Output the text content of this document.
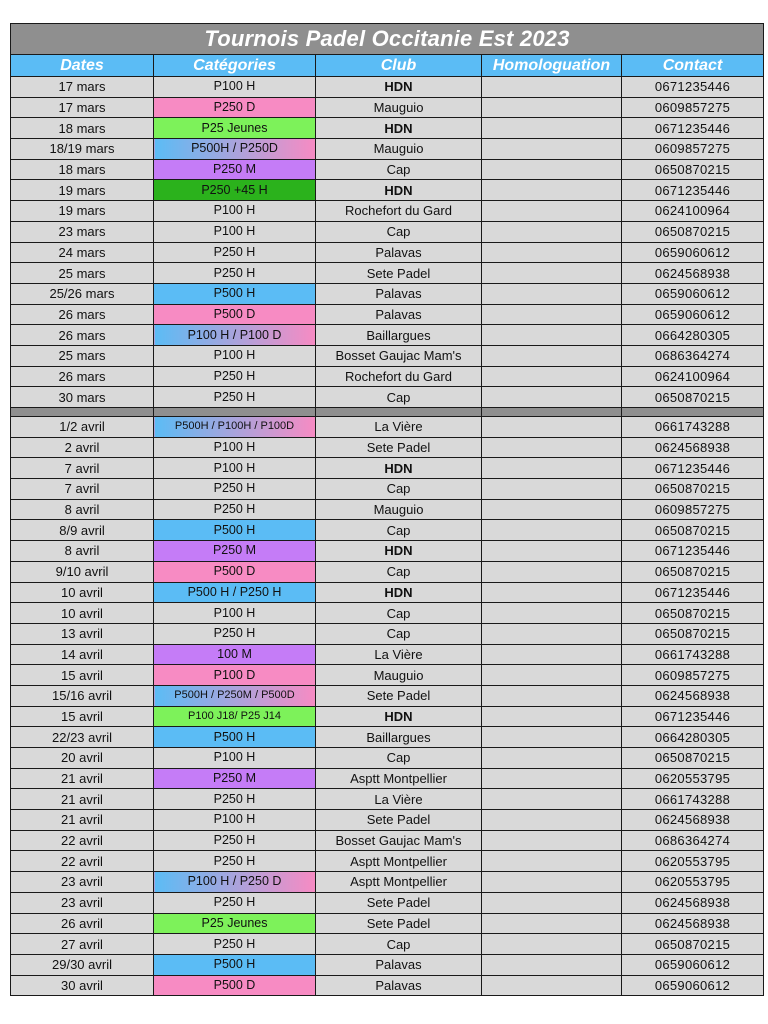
Tournois Padel Occitanie Est 2023				
Dates	Catégories	Club	Homologuation	Contact
17 mars	P100 H	HDN		0671235446
17 mars	P250 D	Mauguio		0609857275
18 mars	P25 Jeunes	HDN		0671235446
18/19 mars	P500H / P250D	Mauguio		0609857275
18 mars	P250 M	Cap		0650870215
19 mars	P250 +45 H	HDN		0671235446
19 mars	P100 H	Rochefort du Gard		0624100964
23 mars	P100 H	Cap		0650870215
24 mars	P250 H	Palavas		0659060612
25 mars	P250 H	Sete Padel		0624568938
25/26 mars	P500 H	Palavas		0659060612
26 mars	P500 D	Palavas		0659060612
26 mars	P100 H / P100 D	Baillargues		0664280305
25 mars	P100 H	Bosset Gaujac Mam's		0686364274
26 mars	P250 H	Rochefort du Gard		0624100964
30 mars	P250 H	Cap		0650870215

1/2 avril	P500H / P100H / P100D	La Vière		0661743288
2 avril	P100 H	Sete Padel		0624568938
7 avril	P100 H	HDN		0671235446
7 avril	P250 H	Cap		0650870215
8 avril	P250 H	Mauguio		0609857275
8/9 avril	P500 H	Cap		0650870215
8 avril	P250 M	HDN		0671235446
9/10 avril	P500 D	Cap		0650870215
10 avril	P500 H / P250 H	HDN		0671235446
10 avril	P100 H	Cap		0650870215
13 avril	P250 H	Cap		0650870215
14 avril	100 M	La Vière		0661743288
15 avril	P100 D	Mauguio		0609857275
15/16 avril	P500H / P250M / P500D	Sete Padel		0624568938
15 avril	P100 J18/ P25 J14	HDN		0671235446
22/23 avril	P500 H	Baillargues		0664280305
20 avril	P100 H	Cap		0650870215
21 avril	P250 M	Asptt Montpellier		0620553795
21 avril	P250 H	La Vière		0661743288
21 avril	P100 H	Sete Padel		0624568938
22 avril	P250 H	Bosset Gaujac Mam's		0686364274
22 avril	P250 H	Asptt Montpellier		0620553795
23 avril	P100 H / P250 D	Asptt Montpellier		0620553795
23 avril	P250 H	Sete Padel		0624568938
26 avril	P25 Jeunes	Sete Padel		0624568938
27 avril	P250 H	Cap		0650870215
29/30 avril	P500 H	Palavas		0659060612
30 avril	P500 D	Palavas		0659060612
